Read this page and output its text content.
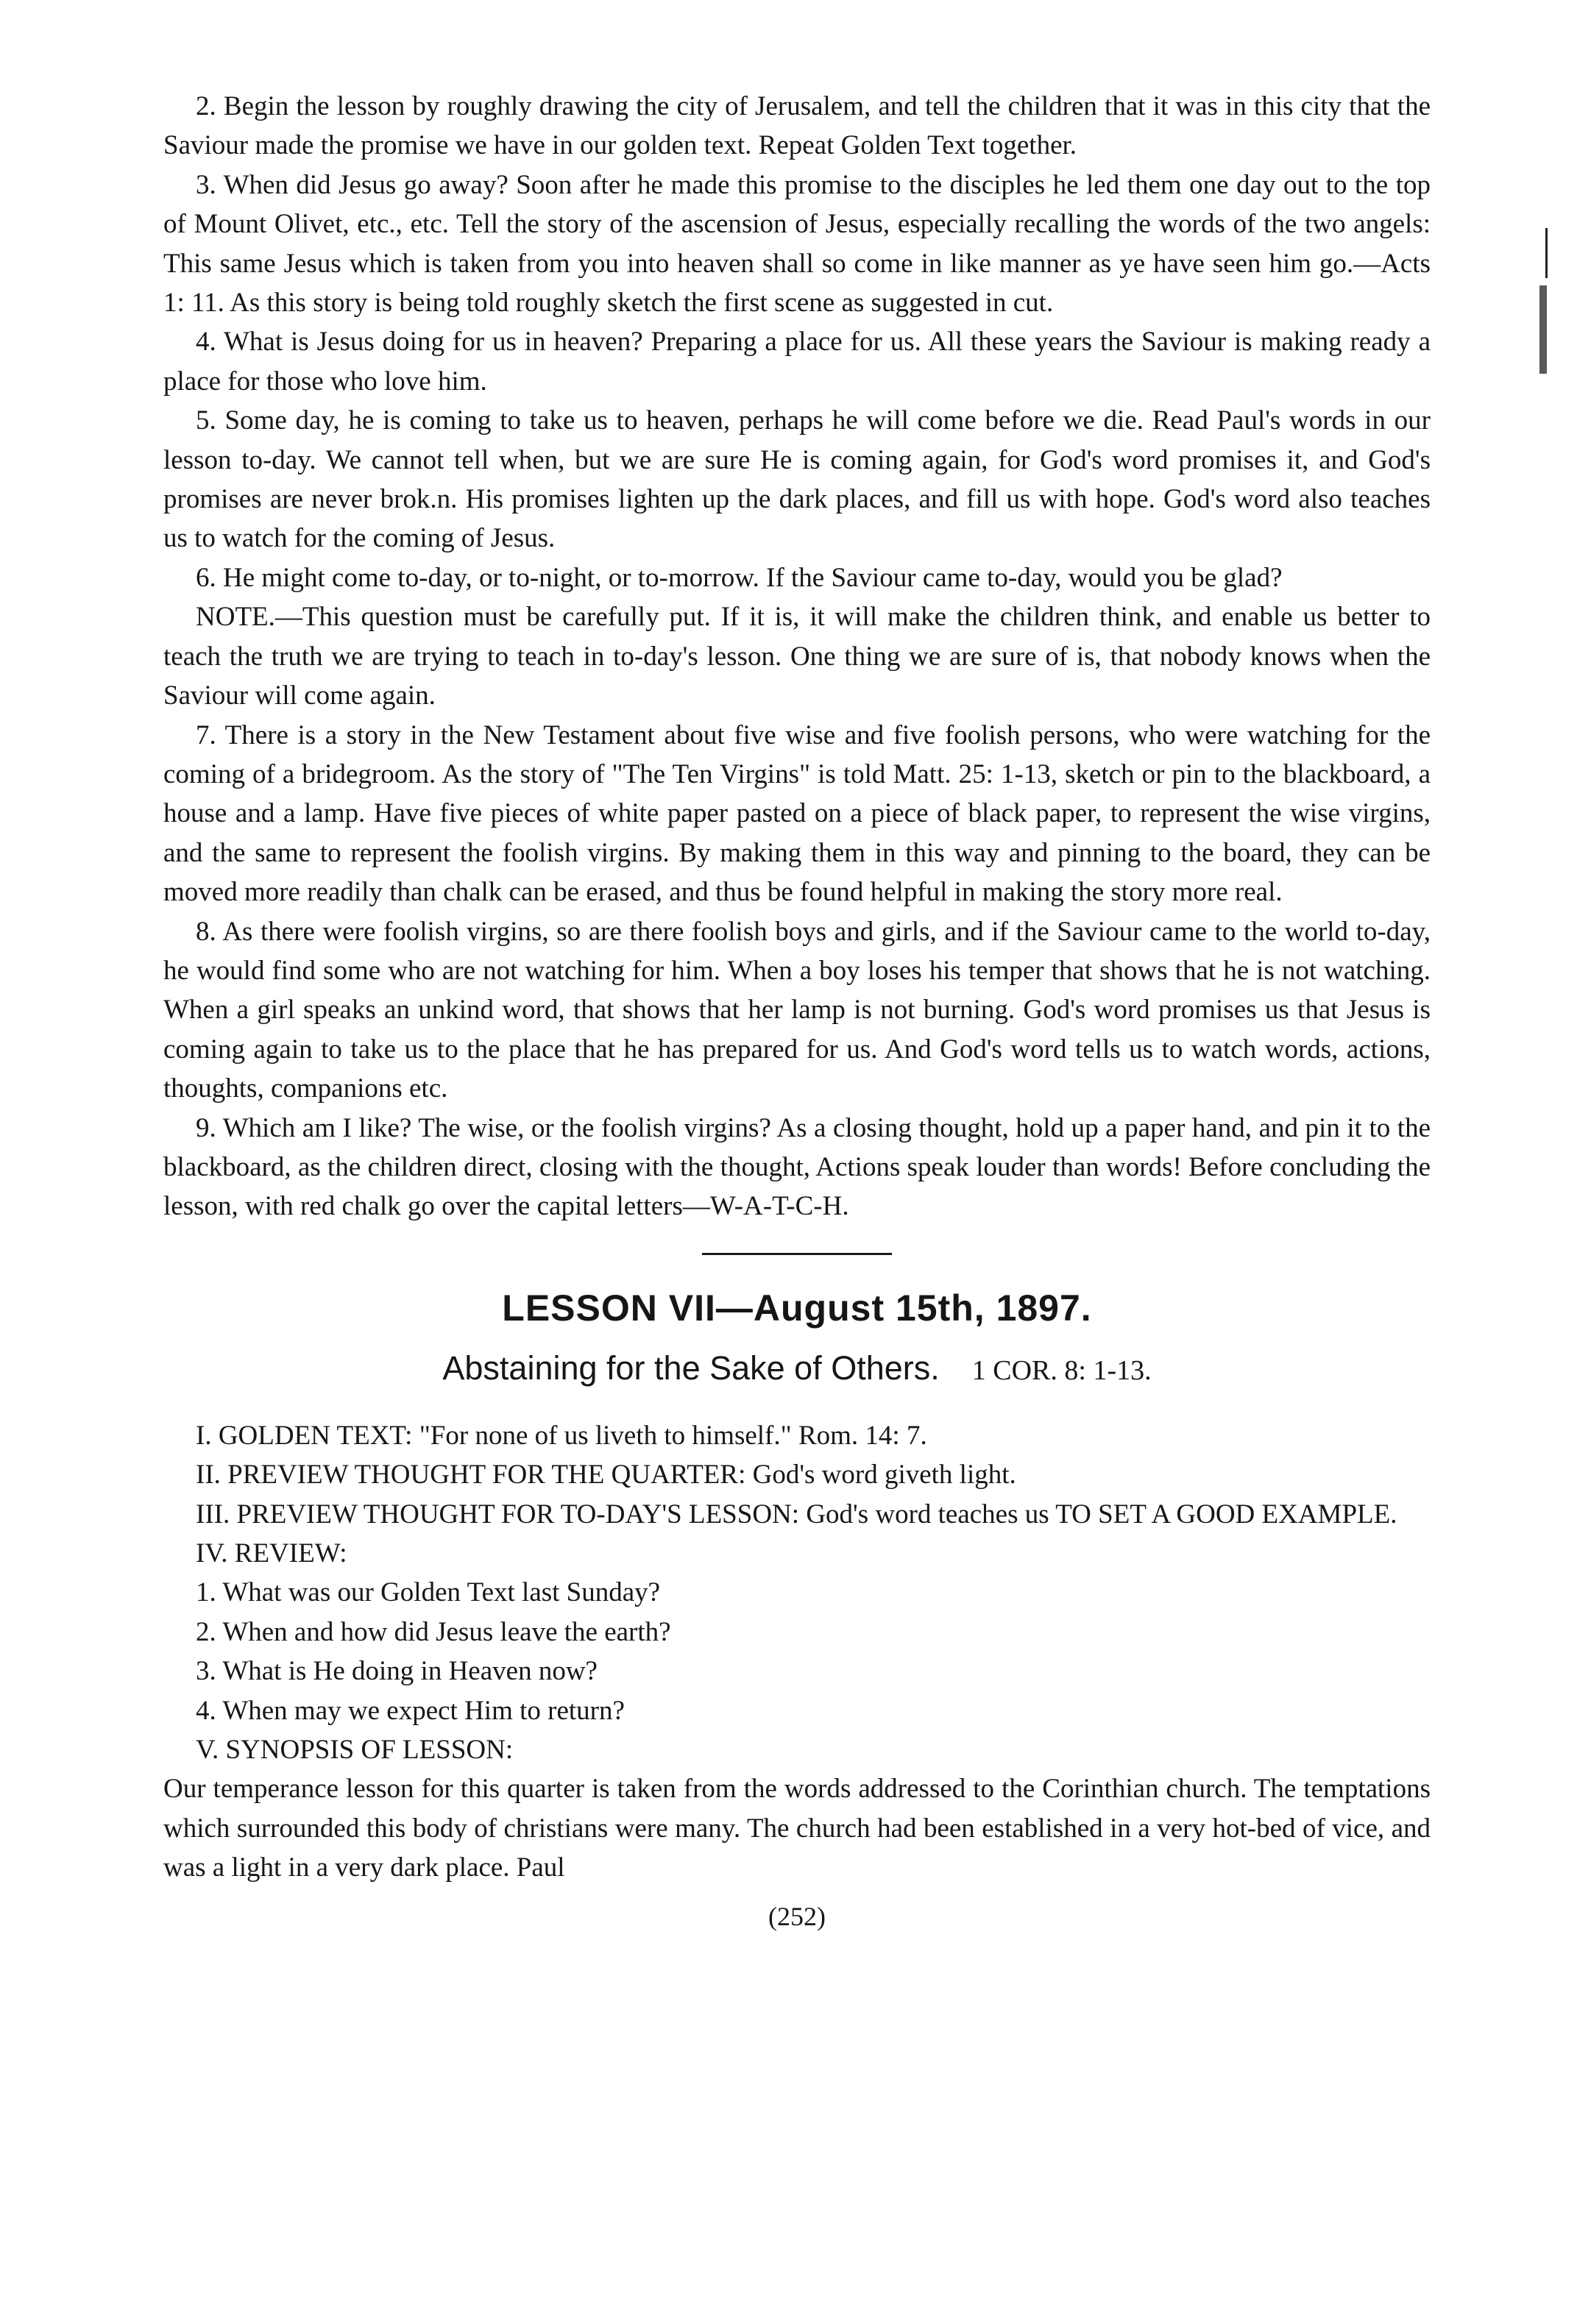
2. Begin the lesson by roughly drawing the city of Jerusalem, and tell the children that it was in this city that the Saviour made the promise we have in our golden text. Repeat Golden Text together.

3. When did Jesus go away? Soon after he made this promise to the disciples he led them one day out to the top of Mount Olivet, etc., etc. Tell the story of the ascension of Jesus, especially recalling the words of the two angels: This same Jesus which is taken from you into heaven shall so come in like manner as ye have seen him go.—Acts 1: 11. As this story is being told roughly sketch the first scene as suggested in cut.

4. What is Jesus doing for us in heaven? Preparing a place for us. All these years the Saviour is making ready a place for those who love him.

5. Some day, he is coming to take us to heaven, perhaps he will come before we die. Read Paul's words in our lesson to-day. We cannot tell when, but we are sure He is coming again, for God's word promises it, and God's promises are never brok.n. His promises lighten up the dark places, and fill us with hope. God's word also teaches us to watch for the coming of Jesus.

6. He might come to-day, or to-night, or to-morrow. If the Saviour came to-day, would you be glad?

NOTE.—This question must be carefully put. If it is, it will make the children think, and enable us better to teach the truth we are trying to teach in to-day's lesson. One thing we are sure of is, that nobody knows when the Saviour will come again.

7. There is a story in the New Testament about five wise and five foolish persons, who were watching for the coming of a bridegroom. As the story of "The Ten Virgins" is told Matt. 25: 1-13, sketch or pin to the blackboard, a house and a lamp. Have five pieces of white paper pasted on a piece of black paper, to represent the wise virgins, and the same to represent the foolish virgins. By making them in this way and pinning to the board, they can be moved more readily than chalk can be erased, and thus be found helpful in making the story more real.

8. As there were foolish virgins, so are there foolish boys and girls, and if the Saviour came to the world to-day, he would find some who are not watching for him. When a boy loses his temper that shows that he is not watching. When a girl speaks an unkind word, that shows that her lamp is not burning. God's word promises us that Jesus is coming again to take us to the place that he has prepared for us. And God's word tells us to watch words, actions, thoughts, companions etc.

9. Which am I like? The wise, or the foolish virgins? As a closing thought, hold up a paper hand, and pin it to the blackboard, as the children direct, closing with the thought, Actions speak louder than words! Before concluding the lesson, with red chalk go over the capital letters—W-A-T-C-H.

LESSON VII—August 15th, 1897.
Abstaining for the Sake of Others. 1 COR. 8: 1-13.

I. GOLDEN TEXT: "For none of us liveth to himself." Rom. 14: 7.

II. PREVIEW THOUGHT FOR THE QUARTER: God's word giveth light.

III. PREVIEW THOUGHT FOR TO-DAY'S LESSON: God's word teaches us TO SET A GOOD EXAMPLE.

IV. REVIEW:

1. What was our Golden Text last Sunday?

2. When and how did Jesus leave the earth?

3. What is He doing in Heaven now?

4. When may we expect Him to return?

V. SYNOPSIS OF LESSON:

Our temperance lesson for this quarter is taken from the words addressed to the Corinthian church. The temptations which surrounded this body of christians were many. The church had been established in a very hot-bed of vice, and was a light in a very dark place. Paul

(252)
